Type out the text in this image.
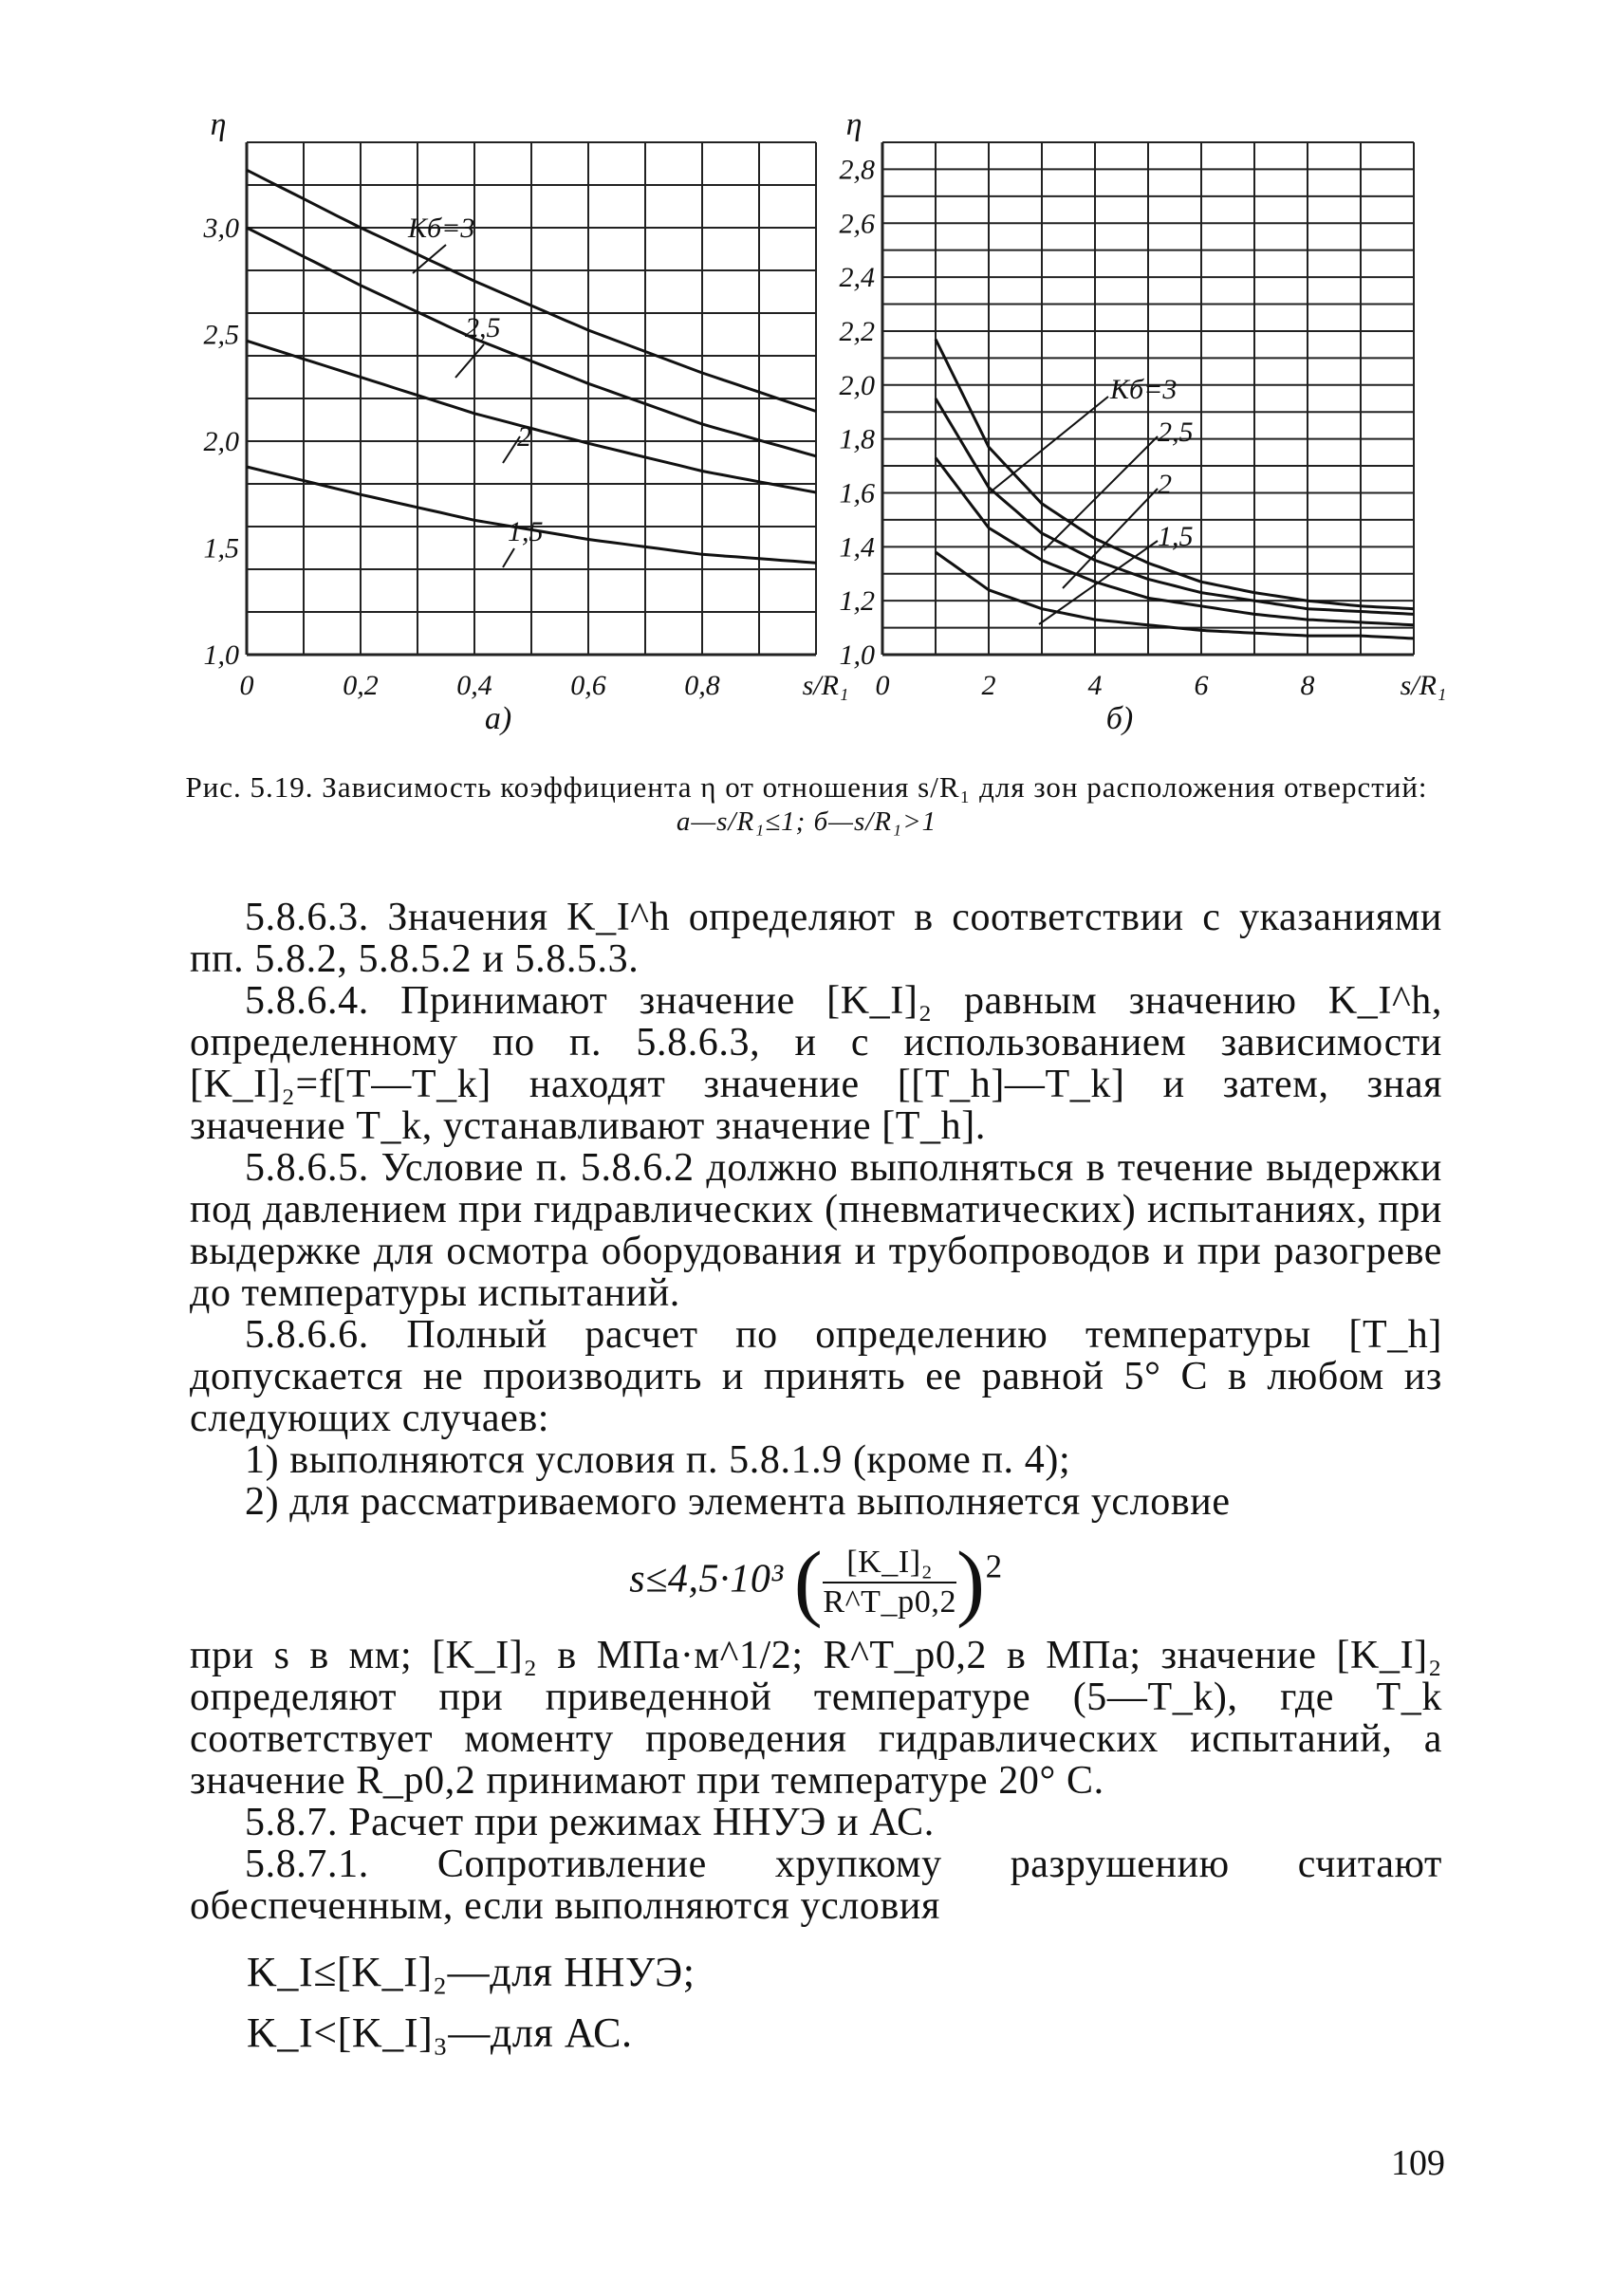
1,0
1,5
2,0
2,5
3,0
0	0,2	0,4	0,6	0,8
η
s/R₁
а)
Kб=3
2,5
2
1,5
1,0
1,2
1,4
1,6
1,8
2,0
2,2
2,4
2,6
2,8
0	2	4	6	8
η
s/R₁
б)
Kб=3
2,5
2
1,5
Рис. 5.19. Зависимость коэффициента η от отношения s/R₁ для зон расположения отверстий:
а—s/R₁≤1; б—s/R₁>1

5.8.6.3. Значения K_I^h определяют в соответствии с указаниями пп. 5.8.2, 5.8.5.2 и 5.8.5.3.

5.8.6.4. Принимают значение [K_I]₂ равным значению K_I^h, определенному по п. 5.8.6.3, и с использованием зависимости [K_I]₂=f[T—T_k] находят значение [[T_h]—T_k] и затем, зная значение T_k, устанавливают значение [T_h].

5.8.6.5. Условие п. 5.8.6.2 должно выполняться в течение выдержки под давлением при гидравлических (пневматических) испытаниях, при выдержке для осмотра оборудования и трубопроводов и при разогреве до температуры испытаний.

5.8.6.6. Полный расчет по определению температуры [T_h] допускается не производить и принять ее равной 5° С в любом из следующих случаев:

1) выполняются условия п. 5.8.1.9 (кроме п. 4);

2) для рассматриваемого элемента выполняется условие

s≤4,5·10³ ( $\frac{\text{[K\_I]₂}}{R\^{}T\_p0,2})^2$

при s в мм; [K_I]₂ в МПа·м^1/2; R^T_p0,2 в МПа; значение [K_I]₂ определяют при приведенной температуре (5—T_k), где T_k соответствует моменту проведения гидравлических испытаний, а значение R_p0,2 принимают при температуре 20° С.

5.8.7. Расчет при режимах ННУЭ и АС.

5.8.7.1. Сопротивление хрупкому разрушению считают обеспеченным, если выполняются условия

K_I≤[K_I]₂—для ННУЭ;
K_I<[K_I]₃—для АС.
109
